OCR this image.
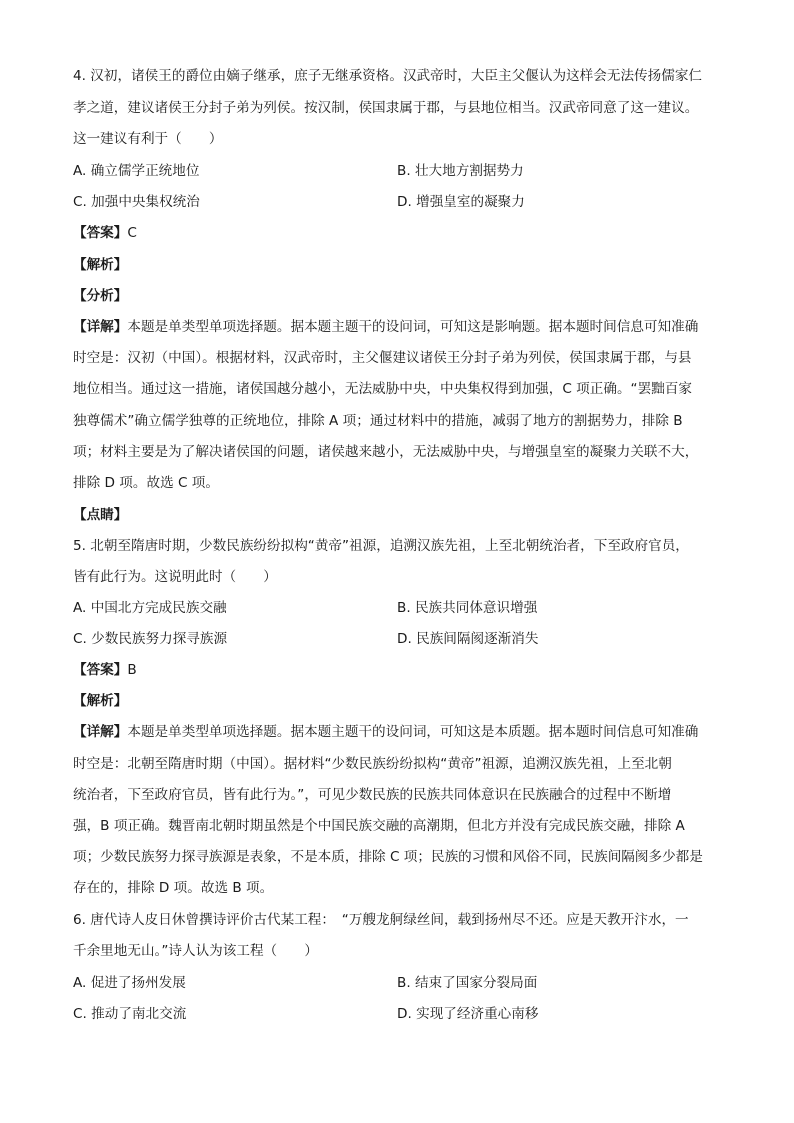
4. 汉初，诸侯王的爵位由嫡子继承，庶子无继承资格。汉武帝时，大臣主父偃认为这样会无法传扬儒家仁
孝之道，建议诸侯王分封子弟为列侯。按汉制，侯国隶属于郡，与县地位相当。汉武帝同意了这一建议。
这一建议有利于（　　）
A. 确立儒学正统地位	B. 壮大地方割据势力
C. 加强中央集权统治	D. 增强皇室的凝聚力
【答案】C
【解析】
【分析】
【详解】本题是单类型单项选择题。据本题主题干的设问词，可知这是影响题。据本题时间信息可知准确
时空是：汉初（中国）。根据材料，汉武帝时，主父偃建议诸侯王分封子弟为列侯，侯国隶属于郡，与县
地位相当。通过这一措施，诸侯国越分越小，无法威胁中央，中央集权得到加强，C 项正确。“罢黜百家
独尊儒术”确立儒学独尊的正统地位，排除 A 项；通过材料中的措施，减弱了地方的割据势力，排除 B
项；材料主要是为了解决诸侯国的问题，诸侯越来越小，无法威胁中央，与增强皇室的凝聚力关联不大，
排除 D 项。故选 C 项。
【点睛】
5. 北朝至隋唐时期，少数民族纷纷拟构“黄帝”祖源，追溯汉族先祖，上至北朝统治者，下至政府官员，
皆有此行为。这说明此时（　　）
A. 中国北方完成民族交融	B. 民族共同体意识增强
C. 少数民族努力探寻族源	D. 民族间隔阂逐渐消失
【答案】B
【解析】
【详解】本题是单类型单项选择题。据本题主题干的设问词，可知这是本质题。据本题时间信息可知准确
时空是：北朝至隋唐时期（中国）。据材料“少数民族纷纷拟构“黄帝”祖源，追溯汉族先祖，上至北朝
统治者，下至政府官员，皆有此行为。”，可见少数民族的民族共同体意识在民族融合的过程中不断增
强，B 项正确。魏晋南北朝时期虽然是个中国民族交融的高潮期，但北方并没有完成民族交融，排除 A
项；少数民族努力探寻族源是表象，不是本质，排除 C 项；民族的习惯和风俗不同，民族间隔阂多少都是
存在的，排除 D 项。故选 B 项。
6. 唐代诗人皮日休曾撰诗评价古代某工程：　“万艘龙舸绿丝间，载到扬州尽不还。应是天教开汴水，一
千余里地无山。”诗人认为该工程（　　）
A. 促进了扬州发展	B. 结束了国家分裂局面
C. 推动了南北交流	D. 实现了经济重心南移
